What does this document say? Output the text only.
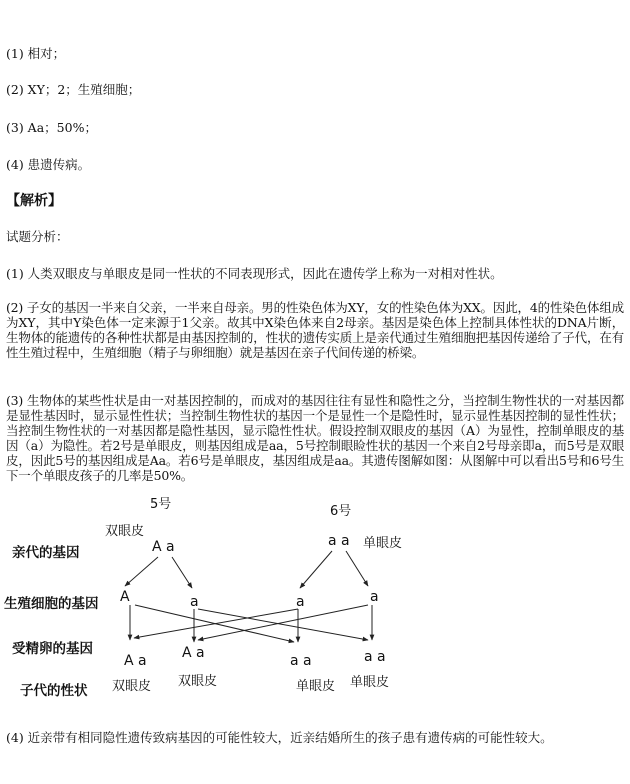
(1) 相对；
(2) XY；2；生殖细胞；
(3) Aa；50%；
(4) 患遗传病。
【解析】
试题分析：
(1) 人类双眼皮与单眼皮是同一性状的不同表现形式，因此在遗传学上称为一对相对性状。
(2) 子女的基因一半来自父亲，一半来自母亲。男的性染色体为XY，女的性染色体为XX。因此，4的性染色体组成为XY，其中Y染色体一定来源于1父亲。故其中X染色体来自2母亲。基因是染色体上控制具体性状的DNA片断，生物体的能遗传的各种性状都是由基因控制的，性状的遗传实质上是亲代通过生殖细胞把基因传递给了子代，在有性生殖过程中，生殖细胞（精子与卵细胞）就是基因在亲子代间传递的桥梁。
(3) 生物体的某些性状是由一对基因控制的，而成对的基因往往有显性和隐性之分，当控制生物性状的一对基因都是显性基因时，显示显性性状；当控制生物性状的基因一个是显性一个是隐性时，显示显性基因控制的显性性状；当控制生物性状的一对基因都是隐性基因，显示隐性性状。假设控制双眼皮的基因（A）为显性，控制单眼皮的基因（a）为隐性。若2号是单眼皮，则基因组成是aa，5号控制眼睑性状的基因一个来自2号母亲即a，而5号是双眼皮，因此5号的基因组成是Aa。若6号是单眼皮，基因组成是aa。其遗传图解如图：从图解中可以看出5号和6号生下一个单眼皮孩子的几率是50%。
5号	6号
双眼皮
单眼皮
亲代的基因
生殖细胞的基因
受精卵的基因
子代的性状
A a	a a
A	a	a	a
A a	A a	a a	a a
双眼皮 双眼皮	单眼皮 单眼皮
(4) 近亲带有相同隐性遗传致病基因的可能性较大，近亲结婚所生的孩子患有遗传病的可能性较大。
